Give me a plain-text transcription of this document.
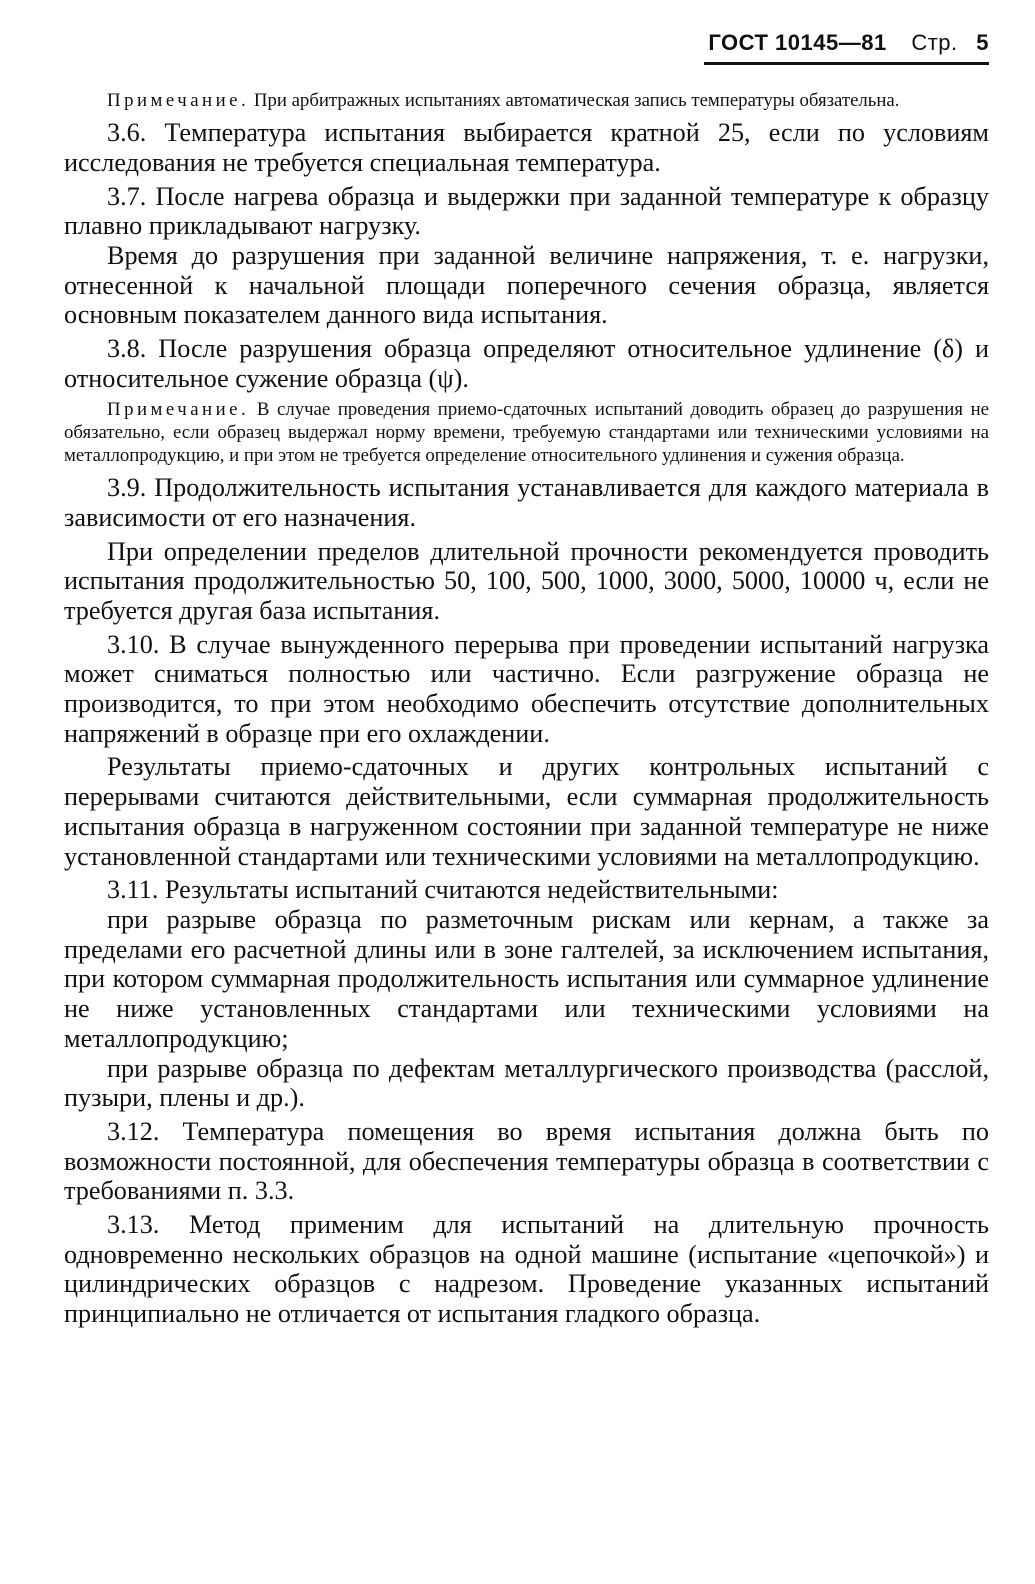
ГОСТ 10145—81 Стр. 5

Примечание. При арбитражных испытаниях автоматическая запись температуры обязательна.

3.6. Температура испытания выбирается кратной 25, если по условиям исследования не требуется специальная температура.

3.7. После нагрева образца и выдержки при заданной температуре к образцу плавно прикладывают нагрузку.

Время до разрушения при заданной величине напряжения, т. е. нагрузки, отнесенной к начальной площади поперечного сечения образца, является основным показателем данного вида испытания.

3.8. После разрушения образца определяют относительное удлинение (δ) и относительное сужение образца (ψ).

Примечание. В случае проведения приемо-сдаточных испытаний доводить образец до разрушения не обязательно, если образец выдержал норму времени, требуемую стандартами или техническими условиями на металлопродукцию, и при этом не требуется определение относительного удлинения и сужения образца.

3.9. Продолжительность испытания устанавливается для каждого материала в зависимости от его назначения.

При определении пределов длительной прочности рекомендуется проводить испытания продолжительностью 50, 100, 500, 1000, 3000, 5000, 10000 ч, если не требуется другая база испытания.

3.10. В случае вынужденного перерыва при проведении испытаний нагрузка может сниматься полностью или частично. Если разгружение образца не производится, то при этом необходимо обеспечить отсутствие дополнительных напряжений в образце при его охлаждении.

Результаты приемо-сдаточных и других контрольных испытаний с перерывами считаются действительными, если суммарная продолжительность испытания образца в нагруженном состоянии при заданной температуре не ниже установленной стандартами или техническими условиями на металлопродукцию.

3.11. Результаты испытаний считаются недействительными:

при разрыве образца по разметочным рискам или кернам, а также за пределами его расчетной длины или в зоне галтелей, за исключением испытания, при котором суммарная продолжительность испытания или суммарное удлинение не ниже установленных стандартами или техническими условиями на металлопродукцию;

при разрыве образца по дефектам металлургического производства (расслой, пузыри, плены и др.).

3.12. Температура помещения во время испытания должна быть по возможности постоянной, для обеспечения температуры образца в соответствии с требованиями п. 3.3.

3.13. Метод применим для испытаний на длительную прочность одновременно нескольких образцов на одной машине (испытание «цепочкой») и цилиндрических образцов с надрезом. Проведение указанных испытаний принципиально не отличается от испытания гладкого образца.
